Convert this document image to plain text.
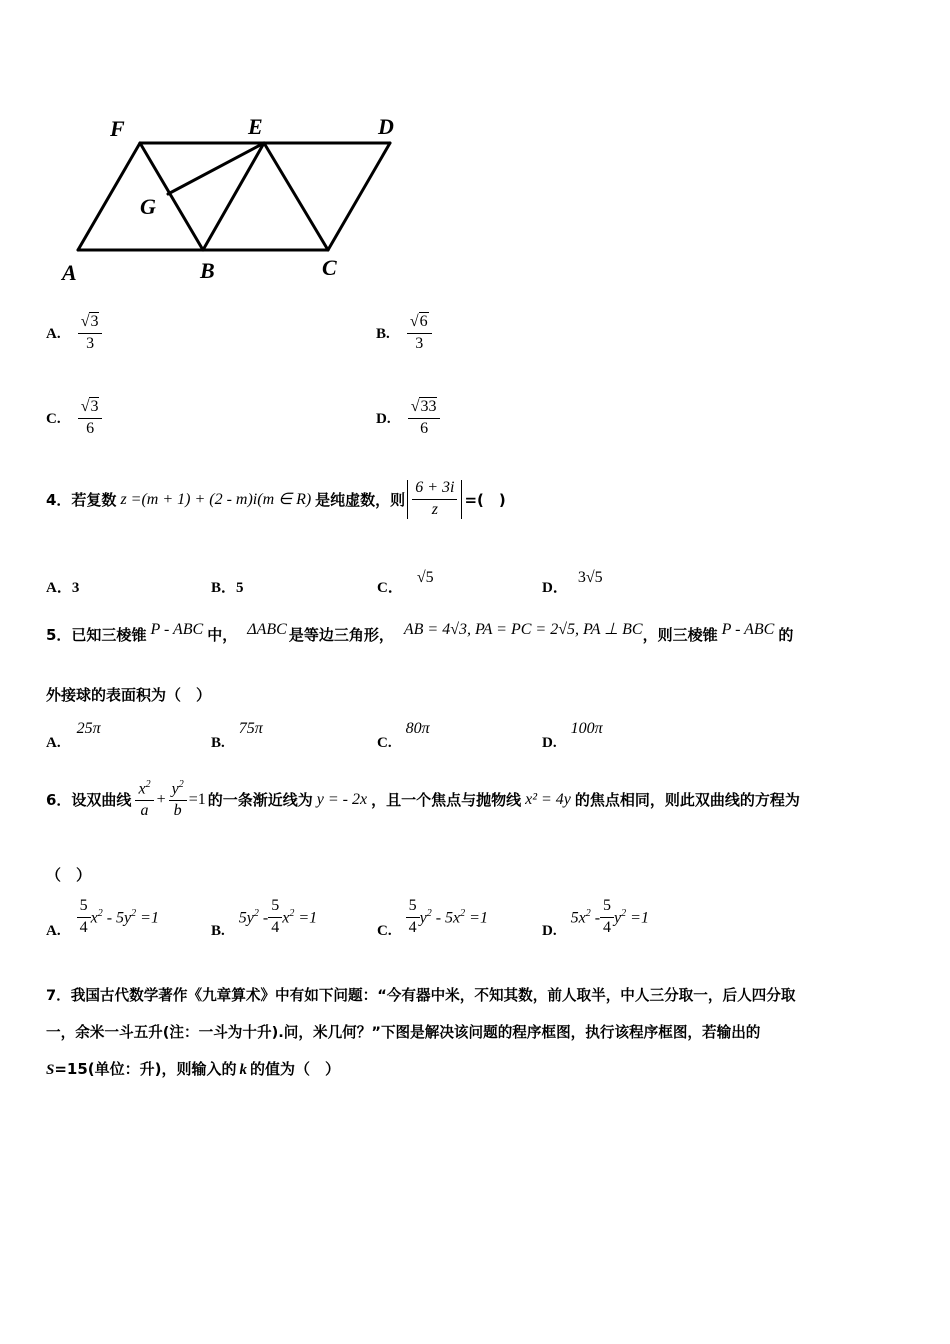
F	E	D
G
A	B	C
A. $\frac{√3}{3}$	B. $\frac{√6}{3}$
C. $\frac{√3}{6}$	D. $\frac{√33}{6}$
4．若复数 z =(m + 1) + (2 - m)i(m ∈ R) 是纯虚数，则 $\frac{6 + 3i}{z}$ =(　)
A．3	B．5	C．√5
D．3√5
5．已知三棱锥 P - ABC 中， ΔABC 是等边三角形， AB = 4√3, PA = PC = 2√5, PA ⊥ BC ，则三棱锥 P - ABC 的
外接球的表面积为（　）
A.25π
B.75π
C.80π
D.100π
6．设双曲线 $\frac{x^2}{a} + \frac{y^2}{b} =1$ 的一条渐近线为 y = - 2x ，且一个焦点与抛物线 x² = 4y 的焦点相同，则此双曲线的方程为
（　）
A. $\frac{5}{4} x^2 - 5y^2 =1$
B.
$5y^2 - \frac{5}{4} x^2 =1$
C. $\frac{5}{4} y^2 - 5x^2 =1$
D.
$5x^2 - \frac{5}{4} y^2 =1$
7．我国古代数学著作《九章算术》中有如下问题：“今有器中米，不知其数，前人取半，中人三分取一，后人四分取
一，余米一斗五升(注：一斗为十升).问，米几何？”下图是解决该问题的程序框图，执行该程序框图，若输出的
S=15(单位：升)，则输入的 k 的值为（　）
